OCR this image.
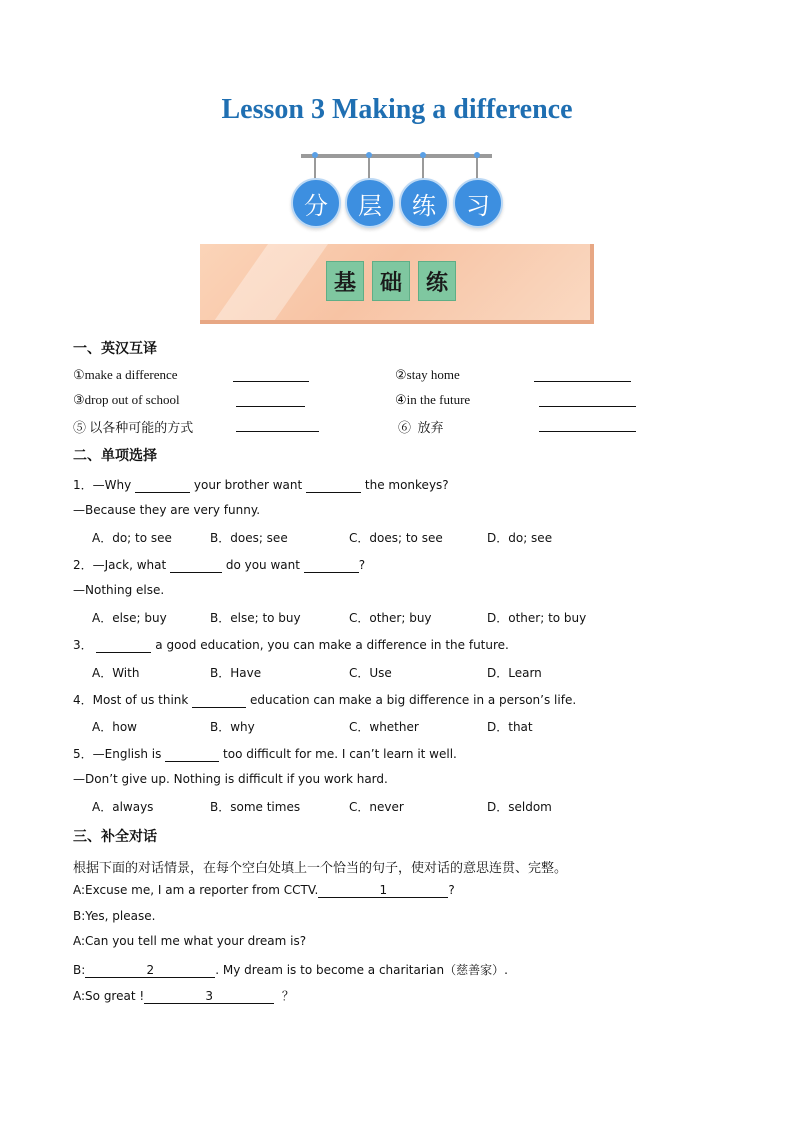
Lesson 3 Making a difference
分	层	练	习
基	础	练
一、英汉互译
①make a difference	②stay home
③drop out of school	④in the future
⑤ 以各种可能的方式	⑥ 放弃
二、单项选择
1．—Why	your brother want	the monkeys?
—Because they are very funny.
A．do; to see	B．does; see	C．does; to see	D．do; see
2．—Jack, what	do you want	?
—Nothing else.
A．else; buy	B．else; to buy	C．other; buy	D．other; to buy
3．	a good education, you can make a difference in the future.
A．With	B．Have	C．Use	D．Learn
4．Most of us think	education can make a big difference in a person’s life.
A．how	B．why	C．whether	D．that
5．—English is	too difficult for me. I can’t learn it well.
—Don’t give up. Nothing is difficult if you work hard.
A．always	B．some times	C．never	D．seldom
三、补全对话
根据下面的对话情景，在每个空白处填上一个恰当的句子，使对话的意思连贯、完整。
A:Excuse me, I am a reporter from CCTV.	1	?
B:Yes, please.
A:Can you tell me what your dream is?
B:	2	. My dream is to become a charitarian（慈善家）.
A:So great !	3	？
